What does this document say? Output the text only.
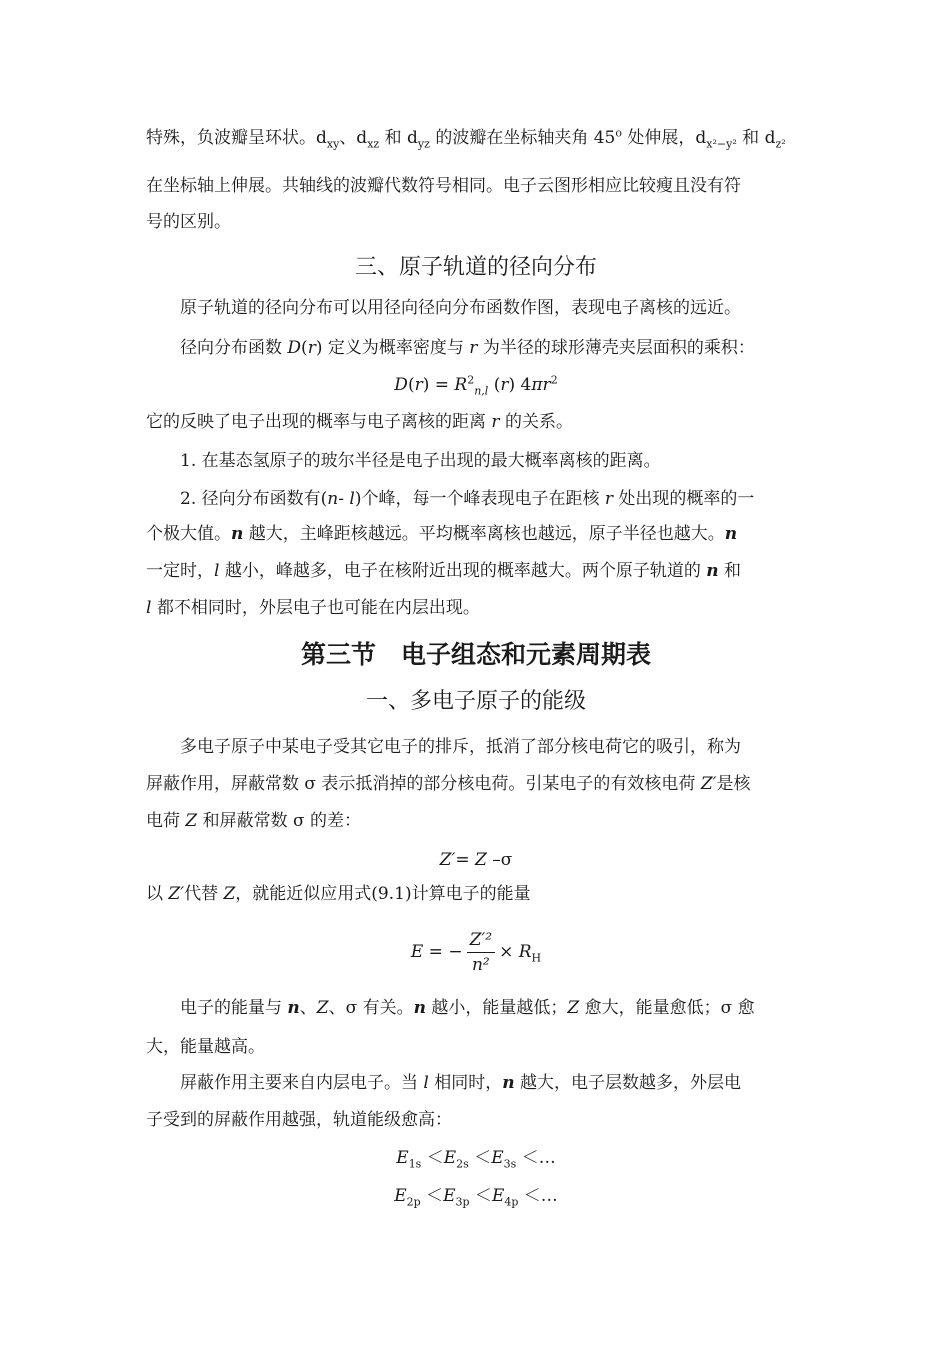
特殊，负波瓣呈环状。$d_{xy}$、$d_{xz}$ 和 $d_{yz}$ 的波瓣在坐标轴夹角 45$^o$ 处伸展，$d_{x^2-y^2}$ 和 $d_{z^2}$
在坐标轴上伸展。共轴线的波瓣代数符号相同。电子云图形相应比较瘦且没有符
号的区别。
三、原子轨道的径向分布
原子轨道的径向分布可以用径向径向分布函数作图，表现电子离核的远近。
径向分布函数 D(r) 定义为概率密度与 r 为半径的球形薄壳夹层面积的乘积：
$D(r) = R^2_{n,l}$ (r) $4\pi r^2$
它的反映了电子出现的概率与电子离核的距离 r 的关系。
1. 在基态氢原子的玻尔半径是电子出现的最大概率离核的距离。
2. 径向分布函数有(n- l)个峰，每一个峰表现电子在距核 r 处出现的概率的一
个极大值。n 越大，主峰距核越远。平均概率离核也越远，原子半径也越大。n
一定时，l 越小，峰越多，电子在核附近出现的概率越大。两个原子轨道的 n 和
l 都不相同时，外层电子也可能在内层出现。
第三节　电子组态和元素周期表
一、多电子原子的能级
多电子原子中某电子受其它电子的排斥，抵消了部分核电荷它的吸引，称为
屏蔽作用，屏蔽常数 σ 表示抵消掉的部分核电荷。引某电子的有效核电荷 Z′是核
电荷 Z 和屏蔽常数 σ 的差：
Z′= Z –σ
以 Z′代替 Z，就能近似应用式(9.1)计算电子的能量
E = − $\frac{\text{Z′²}}{\text{n²}} \times R_H$
电子的能量与 n、Z、σ 有关。n 越小，能量越低；Z 愈大，能量愈低；σ 愈
大，能量越高。
屏蔽作用主要来自内层电子。当 l 相同时，n 越大，电子层数越多，外层电
子受到的屏蔽作用越强，轨道能级愈高：
$E_{1s} <E_{2s} <E_{3s}$ ＜…
$E_{2p} <E_{3p} <E_{4p}$ ＜…
